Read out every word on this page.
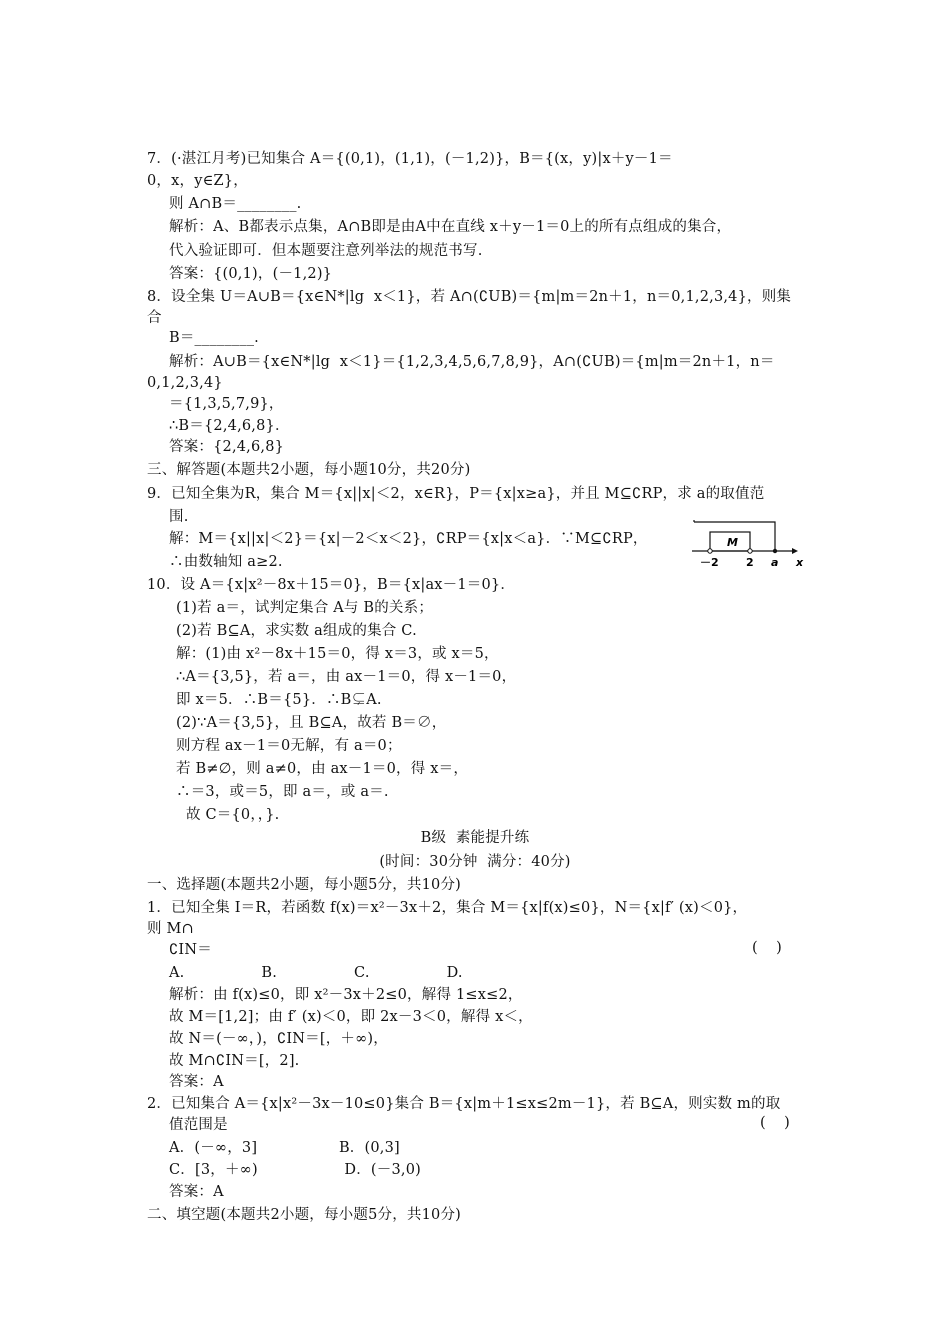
7．(·湛江月考)已知集合 A＝{(0,1)，(1,1)，(－1,2)}，B＝{(x，y)|x＋y－1＝
0，x，y∈Z}，
则 A∩B＝________.
解析：A、B都表示点集，A∩B即是由A中在直线 x＋y－1＝0上的所有点组成的集合，
代入验证即可．但本题要注意列举法的规范书写.
答案：{(0,1)，(－1,2)}
8．设全集 U＝A∪B＝{x∈N*|lg  x＜1}，若 A∩(∁UB)＝{m|m＝2n＋1，n＝0,1,2,3,4}，则集
合
B＝________.
解析：A∪B＝{x∈N*|lg  x＜1}＝{1,2,3,4,5,6,7,8,9}，A∩(∁UB)＝{m|m＝2n＋1，n＝
0,1,2,3,4}
＝{1,3,5,7,9}，
∴B＝{2,4,6,8}．
答案：{2,4,6,8}
三、解答题(本题共2小题，每小题10分，共20分)
9．已知全集为R，集合 M＝{x||x|＜2，x∈R}，P＝{x|x≥a}，并且 M⊆∁RP，求 a的取值范
围.
解：M＝{x||x|＜2}＝{x|－2＜x＜2}，∁RP＝{x|x＜a}．∵M⊆∁RP，
∴由数轴知 a≥2.
10．设 A＝{x|x²－8x＋15＝0}，B＝{x|ax－1＝0}．
(1)若 a＝，试判定集合 A与 B的关系；
(2)若 B⊆A，求实数 a组成的集合 C.
解：(1)由 x²－8x＋15＝0，得 x＝3，或 x＝5，
∴A＝{3,5}，若 a＝，由 ax－1＝0，得 x－1＝0，
即 x＝5．∴B＝{5}．∴B⊊A.
(2)∵A＝{3,5}，且 B⊆A，故若 B＝∅，
则方程 ax－1＝0无解，有 a＝0；
若 B≠∅，则 a≠0，由 ax－1＝0，得 x＝，
∴＝3，或＝5，即 a＝，或 a＝.
故 C＝{0，，}.
B级  素能提升练
(时间：30分钟  满分：40分)
一、选择题(本题共2小题，每小题5分，共10分)
1．已知全集 I＝R，若函数 f(x)＝x²－3x＋2，集合 M＝{x|f(x)≤0}，N＝{x|f′ (x)＜0}，
则 M∩
∁IN＝
A.                B.                C.                D.
解析：由 f(x)≤0，即 x²－3x＋2≤0，解得 1≤x≤2，
故 M＝[1,2]；由 f′ (x)＜0，即 2x－3＜0，解得 x＜，
故 N＝(－∞，)，∁IN＝[，＋∞)，
故 M∩∁IN＝[，2].
答案：A
2．已知集合 A＝{x|x²－3x－10≤0}集合 B＝{x|m＋1≤x≤2m－1}，若 B⊆A，则实数 m的取
值范围是
A．(－∞，3]                 B．(0,3]
C．[3，＋∞)                  D．(－3,0)
答案：A
二、填空题(本题共2小题，每小题5分，共10分)
(    )
(    )
M
－2 2 a x
